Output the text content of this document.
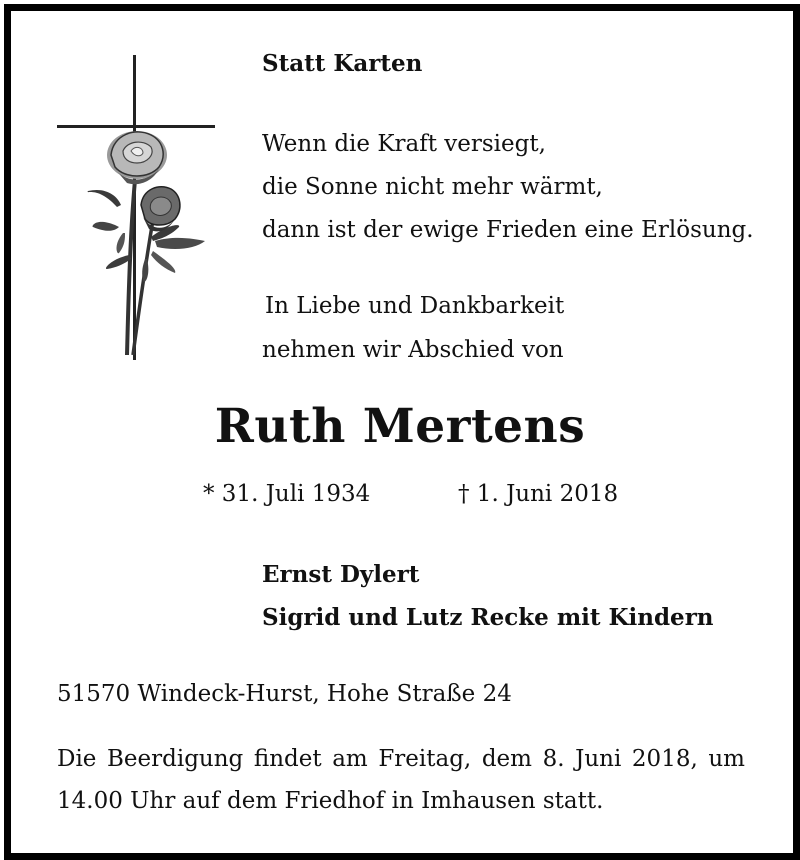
Statt Karten
Wenn die Kraft versiegt,
die Sonne nicht mehr wärmt,
dann ist der ewige Frieden eine Erlösung.
In Liebe und Dankbarkeit
nehmen wir Abschied von
Ruth Mertens
* 31. Juli 1934	† 1. Juni 2018
Ernst Dylert
Sigrid und Lutz Recke mit Kindern
51570 Windeck-Hurst, Hohe Straße 24
Die Beerdigung findet am Freitag, dem 8. Juni 2018, um 14.00 Uhr auf dem Friedhof in Imhausen statt.
